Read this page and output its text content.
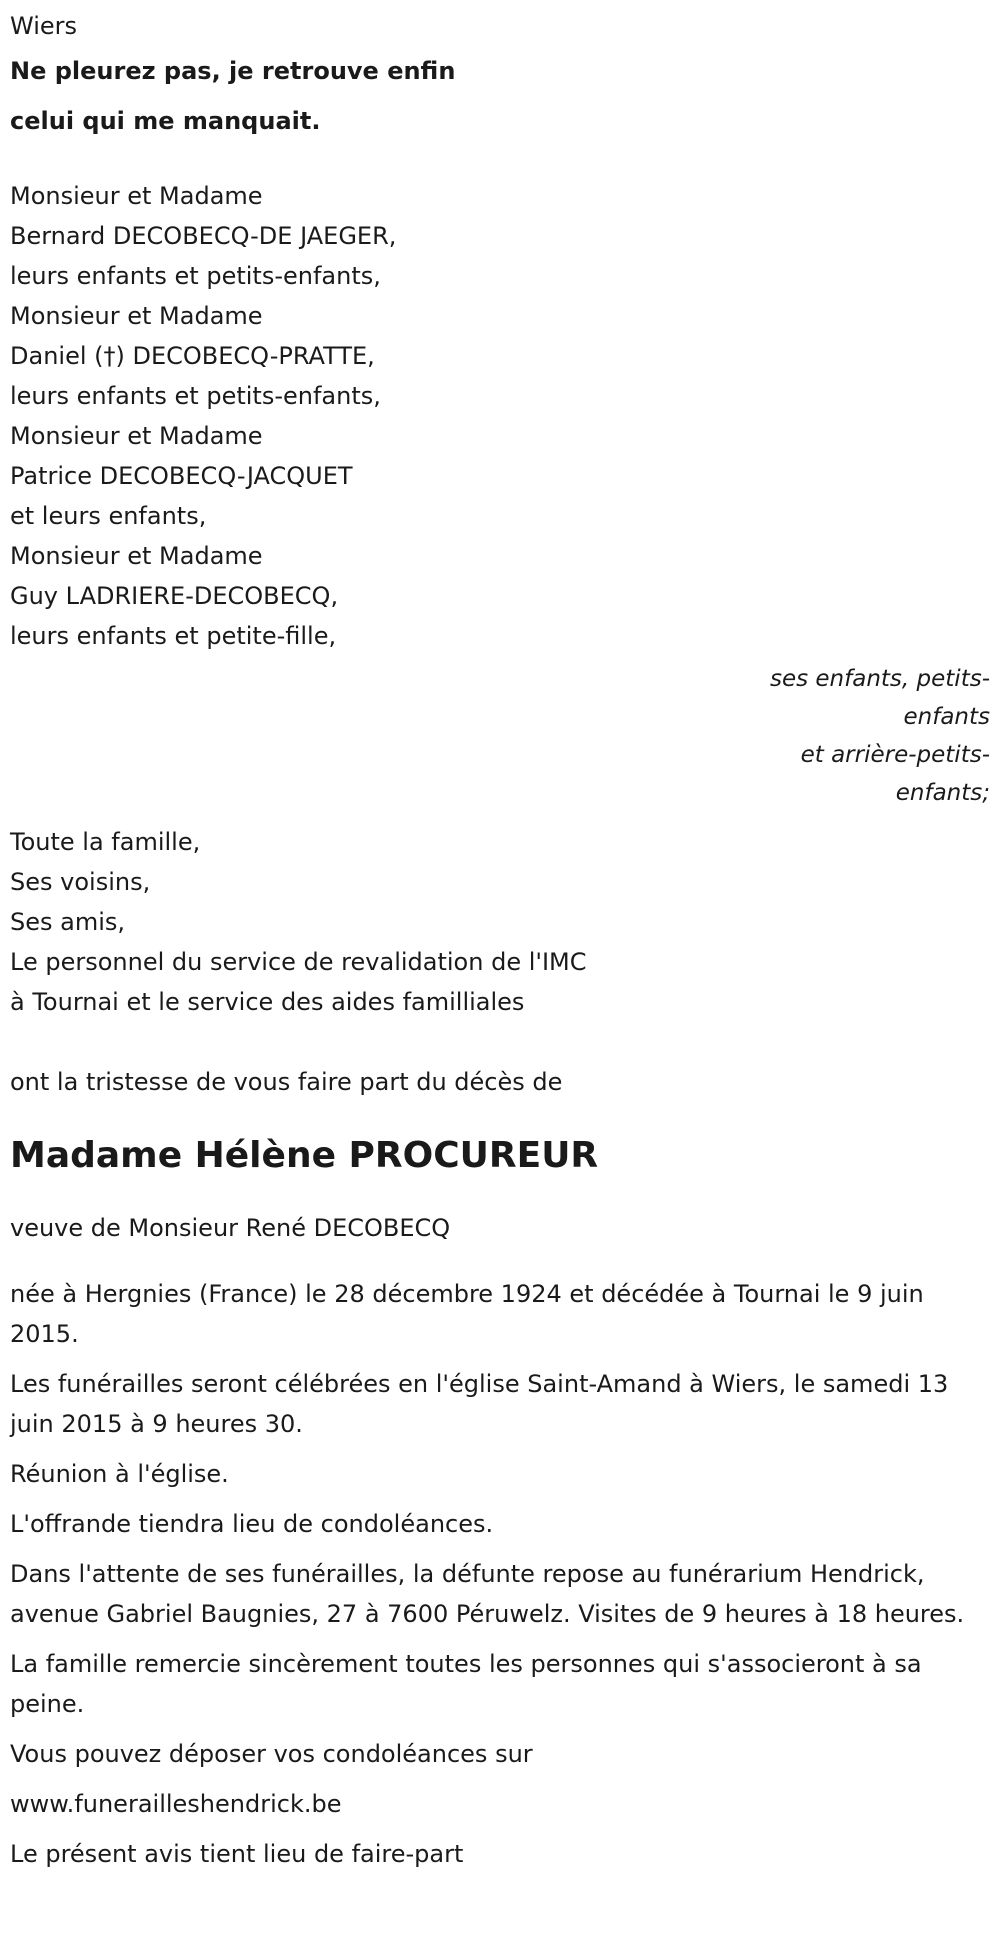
Wiers
Ne pleurez pas, je retrouve enfin
celui qui me manquait.
Monsieur et Madame
Bernard DECOBECQ-DE JAEGER,
leurs enfants et petits-enfants,
Monsieur et Madame
Daniel (†) DECOBECQ-PRATTE,
leurs enfants et petits-enfants,
Monsieur et Madame
Patrice DECOBECQ-JACQUET
et leurs enfants,
Monsieur et Madame
Guy LADRIERE-DECOBECQ,
leurs enfants et petite-fille,
ses enfants, petits-
enfants
et arrière-petits-
enfants;
Toute la famille,
Ses voisins,
Ses amis,
Le personnel du service de revalidation de l'IMC
à Tournai et le service des aides familliales
ont la tristesse de vous faire part du décès de
Madame Hélène PROCUREUR
veuve de Monsieur René DECOBECQ

née à Hergnies (France) le 28 décembre 1924 et décédée à Tournai le 9 juin 2015.

Les funérailles seront célébrées en l'église Saint-Amand à Wiers, le samedi 13 juin 2015 à 9 heures 30.

Réunion à l'église.

L'offrande tiendra lieu de condoléances.

Dans l'attente de ses funérailles, la défunte repose au funérarium Hendrick, avenue Gabriel Baugnies, 27 à 7600 Péruwelz. Visites de 9 heures à 18 heures.

La famille remercie sincèrement toutes les personnes qui s'associeront à sa peine.

Vous pouvez déposer vos condoléances sur

www.funerailleshendrick.be

Le présent avis tient lieu de faire-part
